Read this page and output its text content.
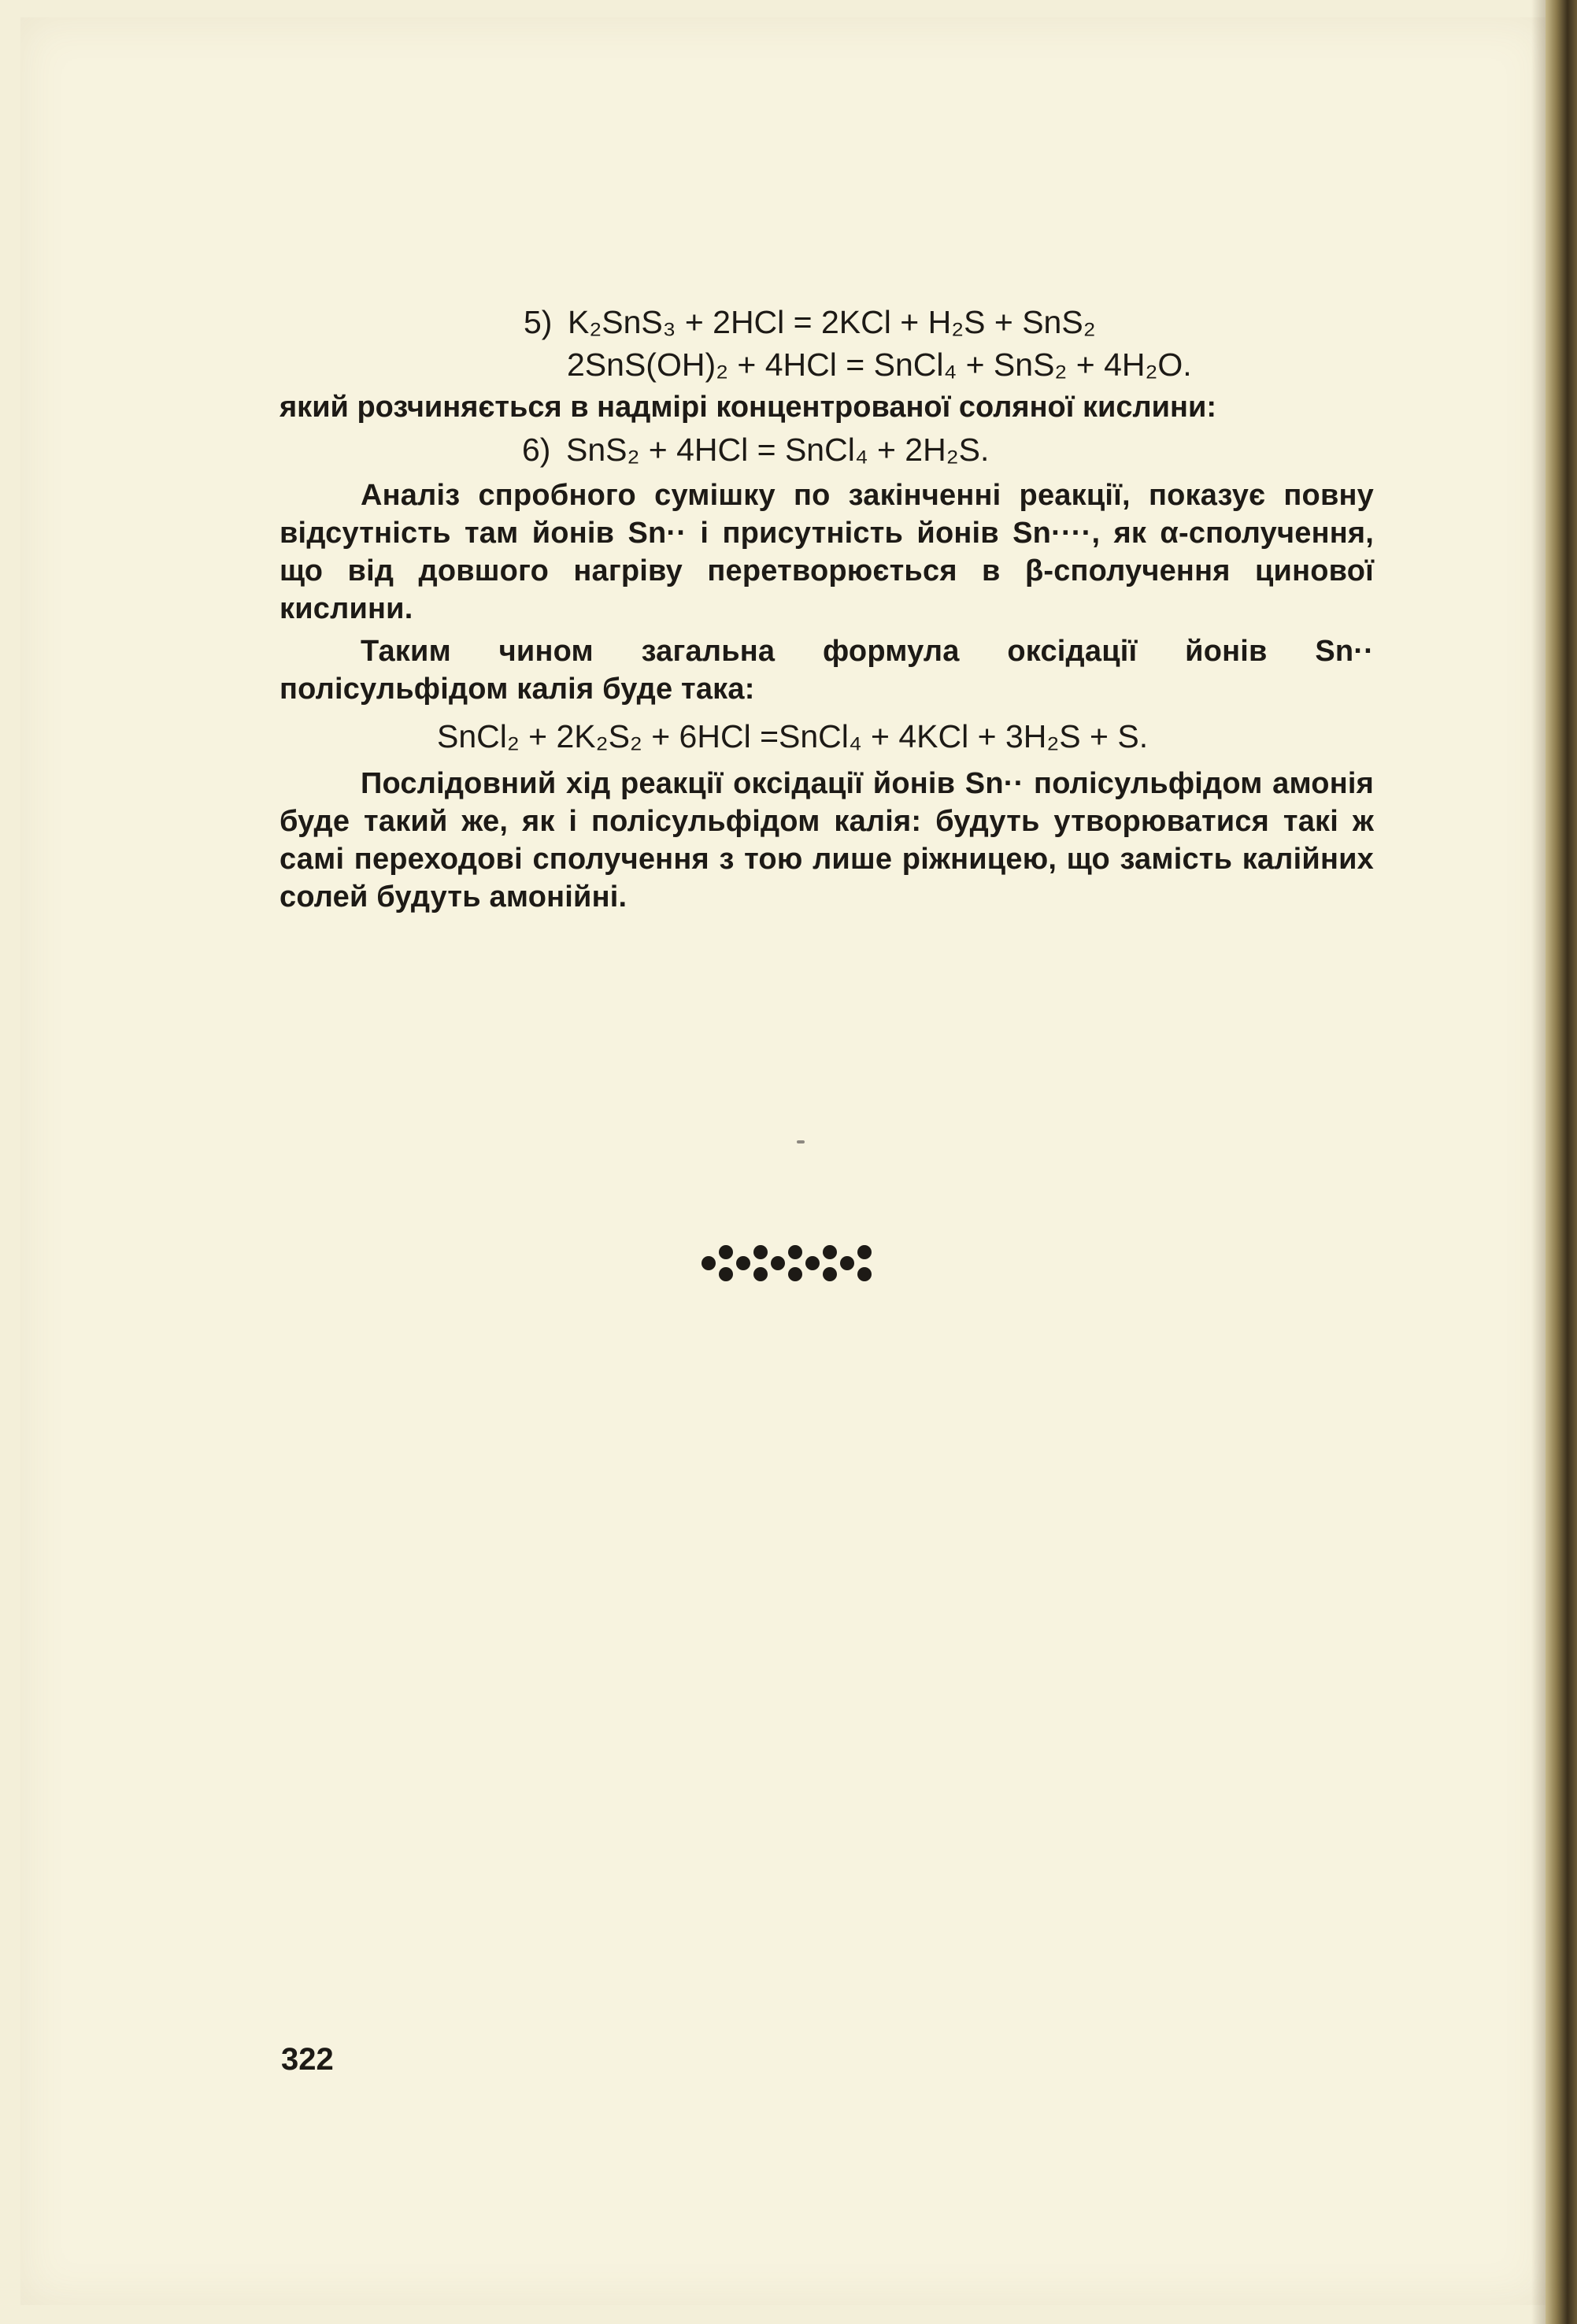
5) K₂SnS₃ + 2HCl = 2KCl + H₂S + SnS₂
2SnS(OH)₂ + 4HCl = SnCl₄ + SnS₂ + 4H₂O.

який розчиняється в надмірі концентрованої соляної кислини:

6) SnS₂ + 4HCl = SnCl₄ + 2H₂S.

Аналіз спробного сумішку по закінченні реакції, показує повну відсутність там йонів Sn·· і присутність йонів Sn····, як α-сполучення, що від довшого нагріву перетворюється в β-сполучення цинової кислини.

Таким чином загальна формула оксідації йонів Sn·· полісульфідом калія буде така:

SnCl₂ + 2K₂S₂ + 6HCl =SnCl₄ + 4KCl + 3H₂S + S.

Послідовний хід реакції оксідації йонів Sn·· полісульфідом амонія буде такий же, як і полісульфідом калія: будуть утворюватися такі ж самі переходові сполучення з тою лише ріжницею, що замість калійних солей будуть амонійні.

322
